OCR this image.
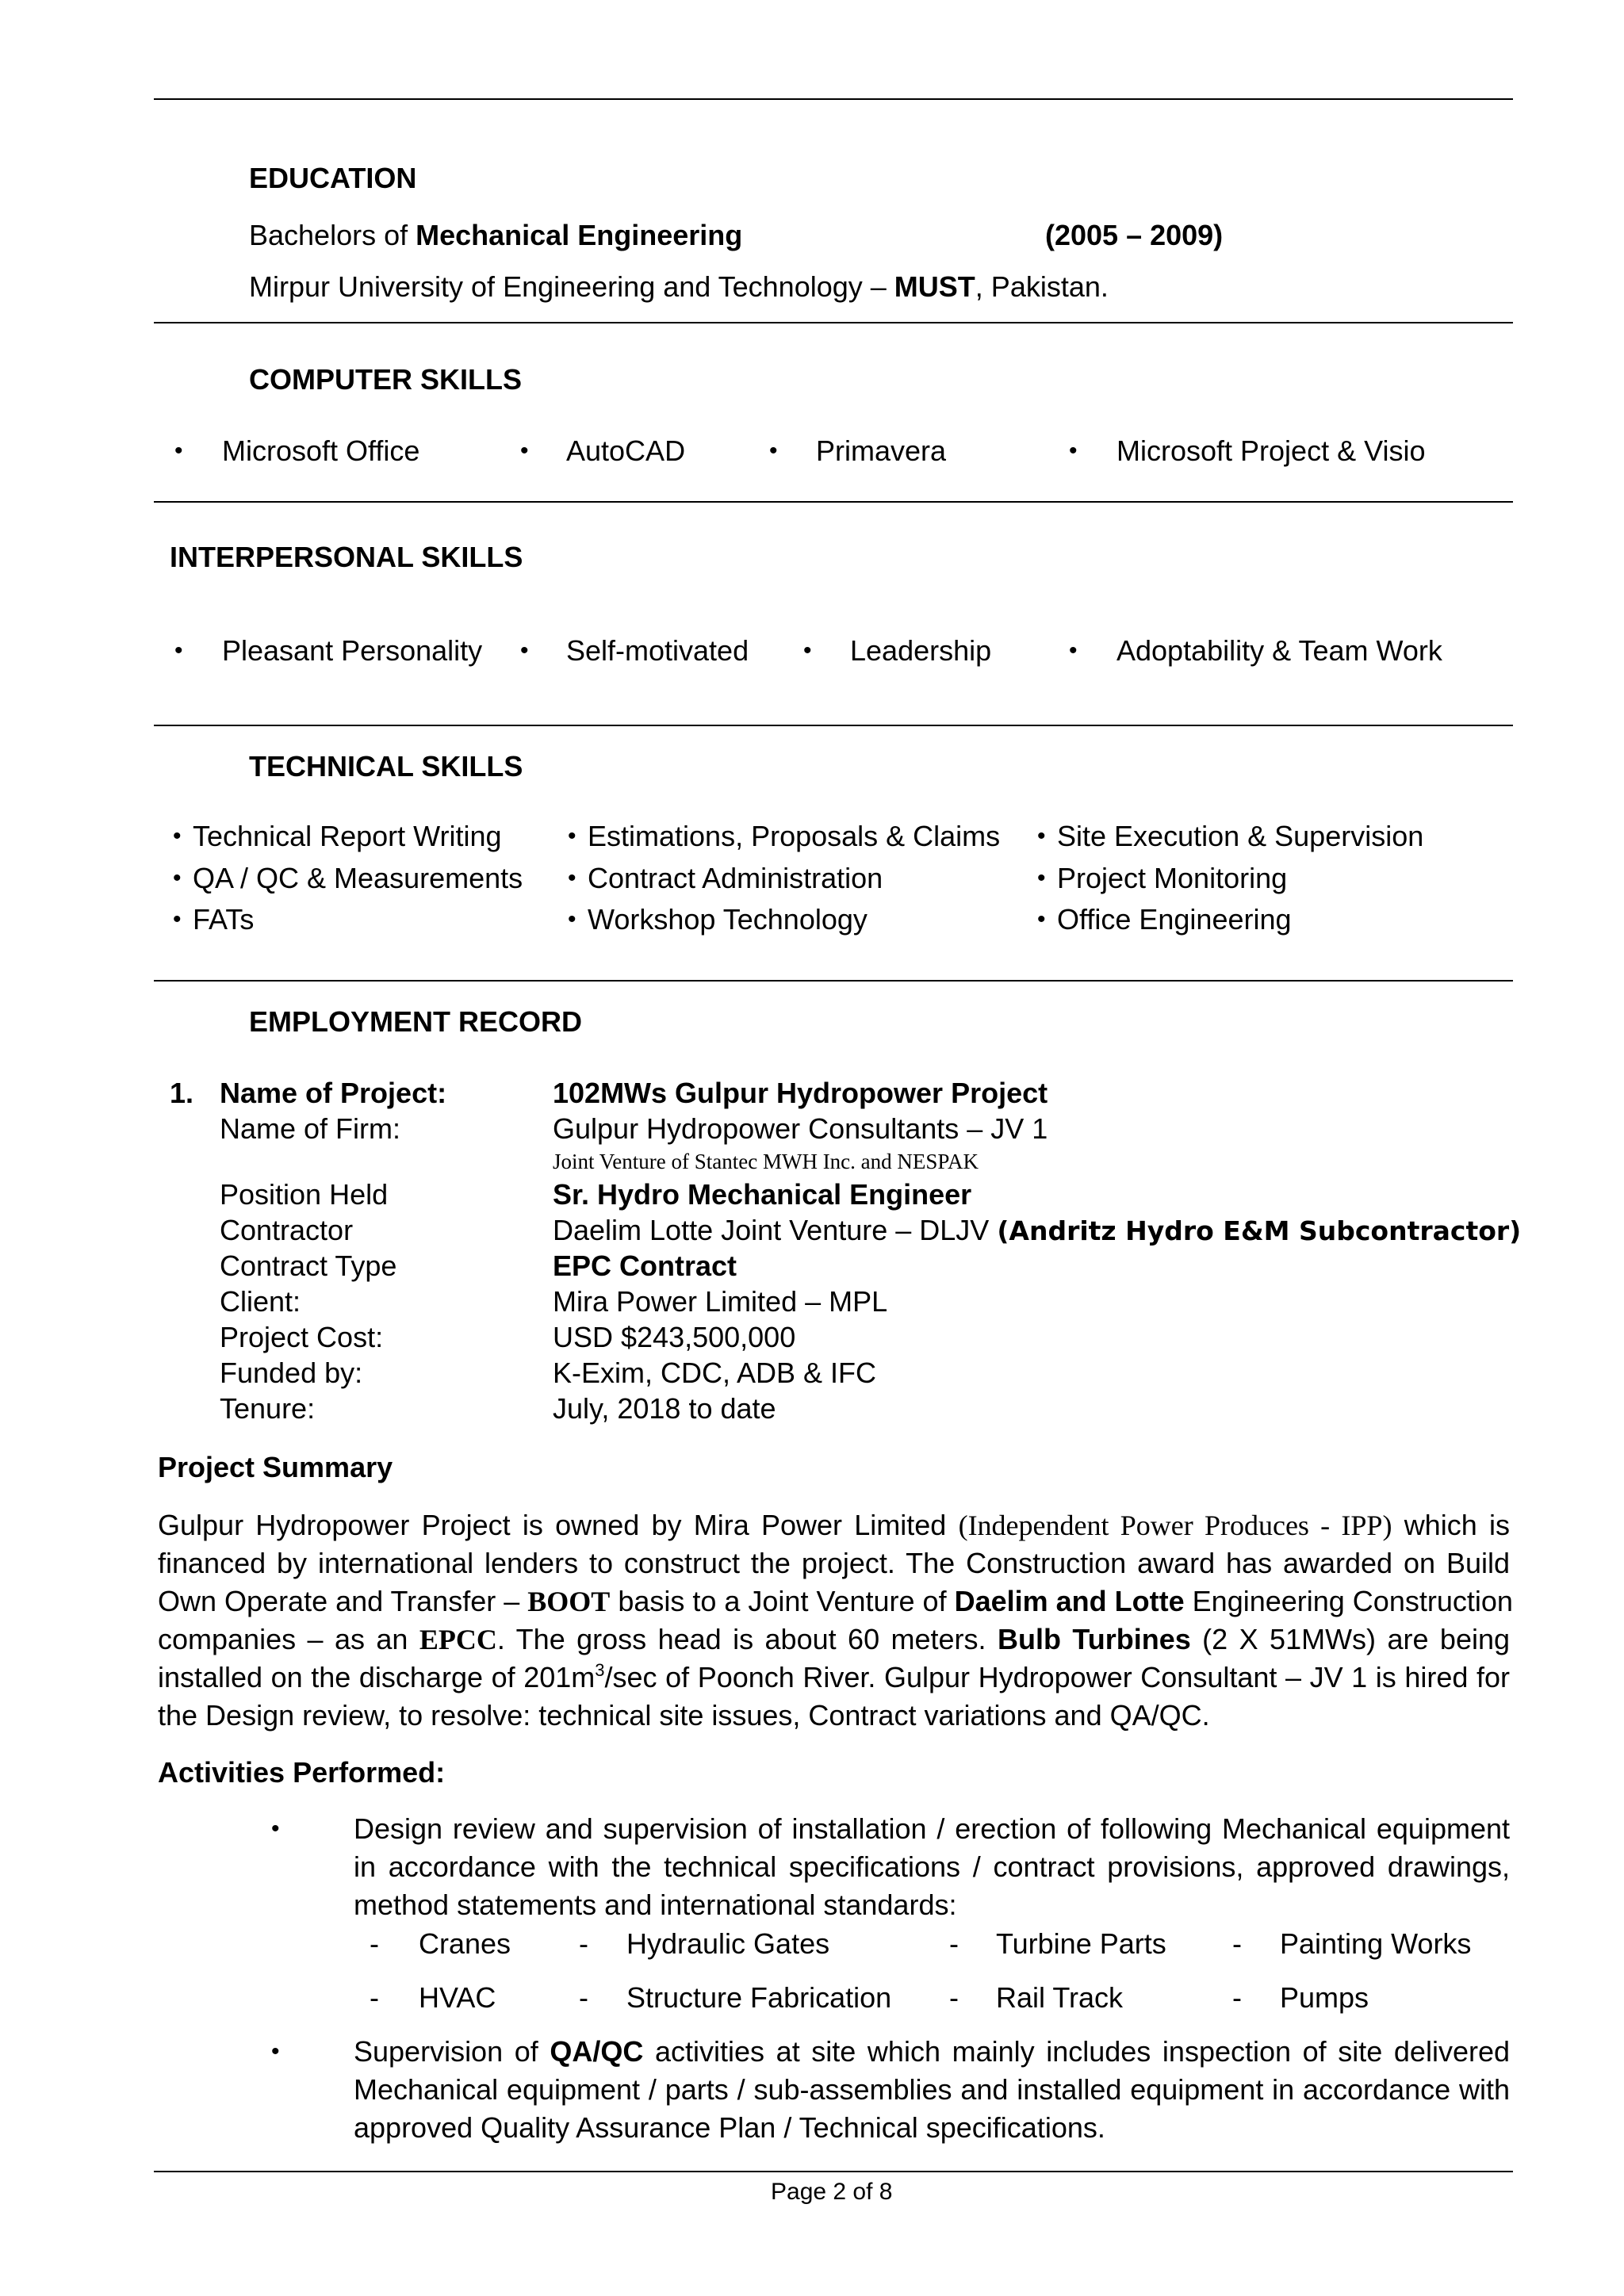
EDUCATION
Bachelors of Mechanical Engineering	(2005 – 2009)
Mirpur University of Engineering and Technology – MUST, Pakistan.
COMPUTER SKILLS
• Microsoft Office	• AutoCAD	• Primavera	• Microsoft Project & Visio
INTERPERSONAL SKILLS
• Pleasant Personality • Self-motivated • Leadership	• Adoptability & Team Work
TECHNICAL SKILLS
• Technical Report Writing	• Estimations, Proposals & Claims • Site Execution & Supervision
• QA / QC & Measurements • Contract Administration	• Project Monitoring
• FATs	• Workshop Technology	• Office Engineering
EMPLOYMENT RECORD
1. Name of Project:	102MWs Gulpur Hydropower Project
Name of Firm:	Gulpur Hydropower Consultants – JV 1
Joint Venture of Stantec MWH Inc. and NESPAK
Position Held	Sr. Hydro Mechanical Engineer
Contractor	Daelim Lotte Joint Venture – DLJV (Andritz Hydro E&M Subcontractor)
Contract Type	EPC Contract
Client:	Mira Power Limited – MPL
Project Cost:	USD $243,500,000
Funded by:	K-Exim, CDC, ADB & IFC
Tenure:	July, 2018 to date
Project Summary
Gulpur Hydropower Project is owned by Mira Power Limited (Independent Power Produces - IPP) which is
financed by international lenders to construct the project. The Construction award has awarded on Build
Own Operate and Transfer – BOOT basis to a Joint Venture of Daelim and Lotte Engineering Construction
companies – as an EPCC. The gross head is about 60 meters. Bulb Turbines (2 X 51MWs) are being
installed on the discharge of $201m^3/\sec$ of Poonch River. Gulpur Hydropower Consultant – JV 1 is hired for
the Design review, to resolve: technical site issues, Contract variations and QA/QC.
Activities Performed:
•	Design review and supervision of installation / erection of following Mechanical equipment
in accordance with the technical specifications / contract provisions, approved drawings,
method statements and international standards:
- Cranes - Hydraulic Gates	- Turbine Parts - Painting Works
- HVAC	- Structure Fabrication - Rail Track	- Pumps
•	Supervision of QA/QC activities at site which mainly includes inspection of site delivered
Mechanical equipment / parts / sub-assemblies and installed equipment in accordance with
approved Quality Assurance Plan / Technical specifications.
Page 2 of 8
